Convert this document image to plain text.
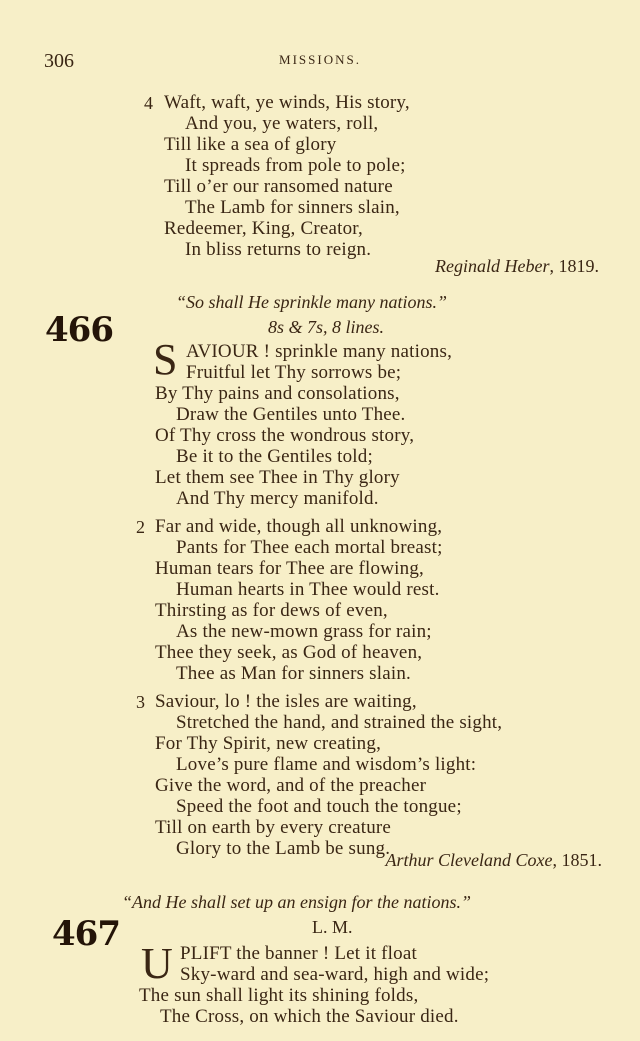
306	MISSIONS.
4 Waft, waft, ye winds, His story,
And you, ye waters, roll,
Till like a sea of glory
It spreads from pole to pole;
Till o’er our ransomed nature
The Lamb for sinners slain,
Redeemer, King, Creator,
In bliss returns to reign.
Reginald Heber, 1819.
“So shall He sprinkle many nations.”
466	8s & 7s, 8 lines.
S AVIOUR ! sprinkle many nations,
Fruitful let Thy sorrows be;
By Thy pains and consolations,
Draw the Gentiles unto Thee.
Of Thy cross the wondrous story,
Be it to the Gentiles told;
Let them see Thee in Thy glory
And Thy mercy manifold.
2 Far and wide, though all unknowing,
Pants for Thee each mortal breast;
Human tears for Thee are flowing,
Human hearts in Thee would rest.
Thirsting as for dews of even,
As the new-mown grass for rain;
Thee they seek, as God of heaven,
Thee as Man for sinners slain.
3 Saviour, lo ! the isles are waiting,
Stretched the hand, and strained the sight,
For Thy Spirit, new creating,
Love’s pure flame and wisdom’s light:
Give the word, and of the preacher
Speed the foot and touch the tongue;
Till on earth by every creature
Glory to the Lamb be sung.
Arthur Cleveland Coxe, 1851.
“And He shall set up an ensign for the nations.”
467	L. M.
U PLIFT the banner ! Let it float
Sky-ward and sea-ward, high and wide;
The sun shall light its shining folds,
The Cross, on which the Saviour died.
